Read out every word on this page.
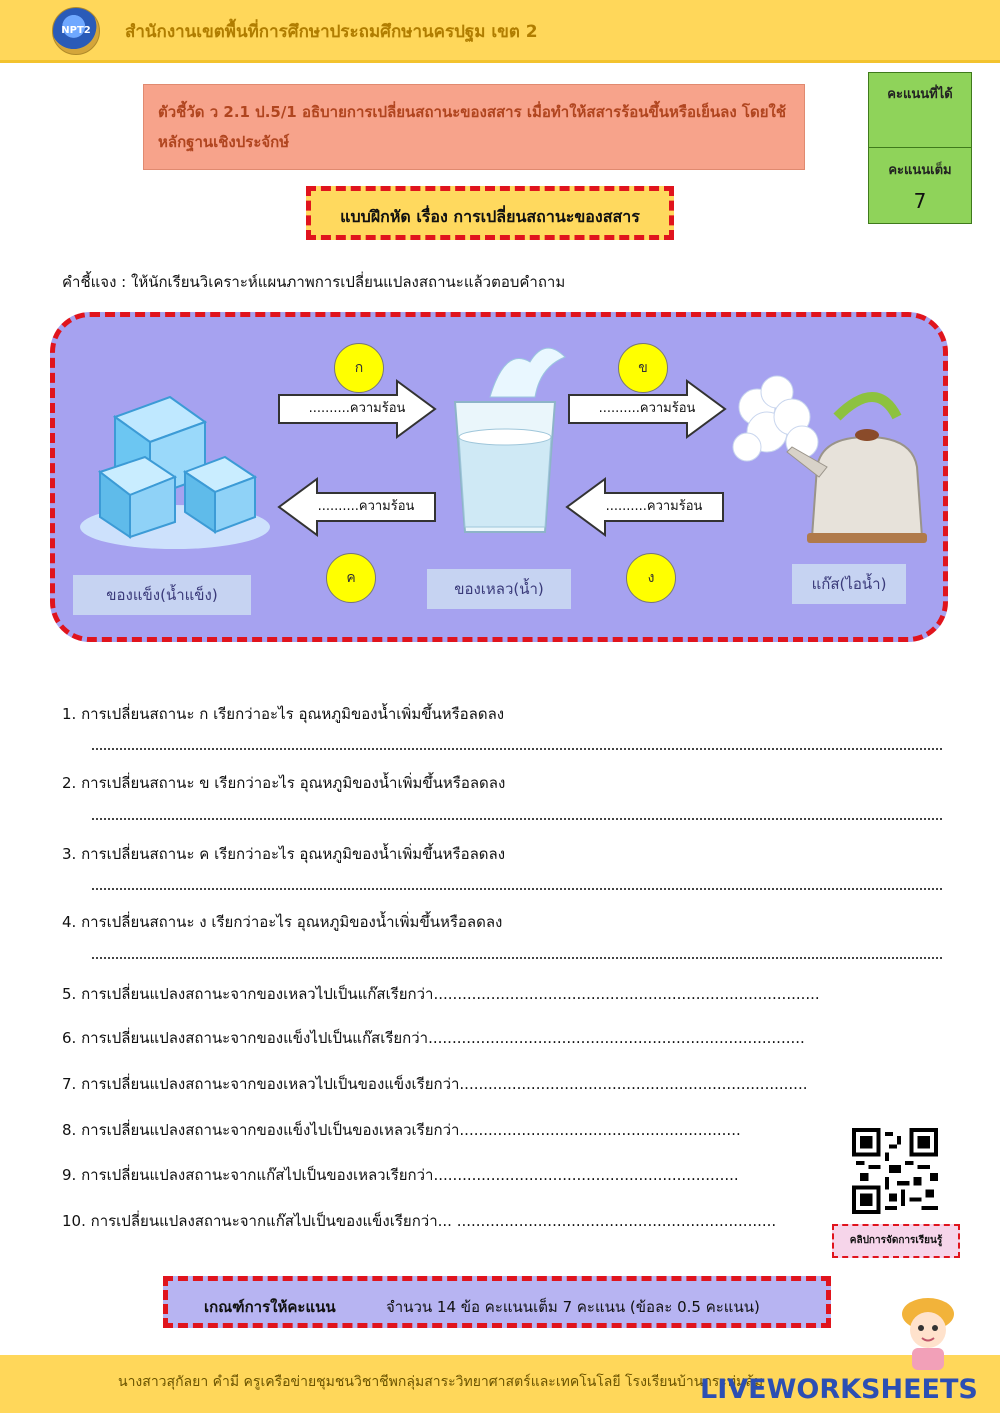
NPT2	สำนักงานเขตพื้นที่การศึกษาประถมศึกษานครปฐม เขต 2
ตัวชี้วัด ว 2.1 ป.5/1 อธิบายการเปลี่ยนสถานะของสสาร เมื่อทำให้สสารร้อนขึ้นหรือเย็นลง โดยใช้หลักฐานเชิงประจักษ์
คะแนนที่ได้
คะแนนเต็ม
7
แบบฝึกหัด เรื่อง การเปลี่ยนสถานะของสสาร
คำชี้แจง : ให้นักเรียนวิเคราะห์แผนภาพการเปลี่ยนแปลงสถานะแล้วตอบคำถาม
..........ความร้อน	..........ความร้อน
..........ความร้อน	..........ความร้อน
ก	ข
ค	ง
ของแข็ง(น้ำแข็ง)	ของเหลว(น้ำ)	แก๊ส(ไอน้ำ)
1. การเปลี่ยนสถานะ ก เรียกว่าอะไร อุณหภูมิของน้ำเพิ่มขึ้นหรือลดลง
2. การเปลี่ยนสถานะ ข เรียกว่าอะไร อุณหภูมิของน้ำเพิ่มขึ้นหรือลดลง
3. การเปลี่ยนสถานะ ค เรียกว่าอะไร อุณหภูมิของน้ำเพิ่มขึ้นหรือลดลง
4. การเปลี่ยนสถานะ ง เรียกว่าอะไร อุณหภูมิของน้ำเพิ่มขึ้นหรือลดลง
5. การเปลี่ยนแปลงสถานะจากของเหลวไปเป็นแก๊สเรียกว่า.................................................................................
6. การเปลี่ยนแปลงสถานะจากของแข็งไปเป็นแก๊สเรียกว่า...............................................................................
7. การเปลี่ยนแปลงสถานะจากของเหลวไปเป็นของแข็งเรียกว่า.........................................................................
8. การเปลี่ยนแปลงสถานะจากของแข็งไปเป็นของเหลวเรียกว่า...........................................................
9. การเปลี่ยนแปลงสถานะจากแก๊สไปเป็นของเหลวเรียกว่า................................................................
10. การเปลี่ยนแปลงสถานะจากแก๊สไปเป็นของแข็งเรียกว่า... ...................................................................
คลิปการจัดการเรียนรู้
เกณฑ์การให้คะแนน	จำนวน 14 ข้อ คะแนนเต็ม 7 คะแนน (ข้อละ 0.5 คะแนน)
นางสาวสุกัลยา คำมี ครูเครือข่ายชุมชนวิชาชีพกลุ่มสาระวิทยาศาสตร์และเทคโนโลยี โรงเรียนบ้านกระทุ่มล้ม
LIVEWORKSHEETS
